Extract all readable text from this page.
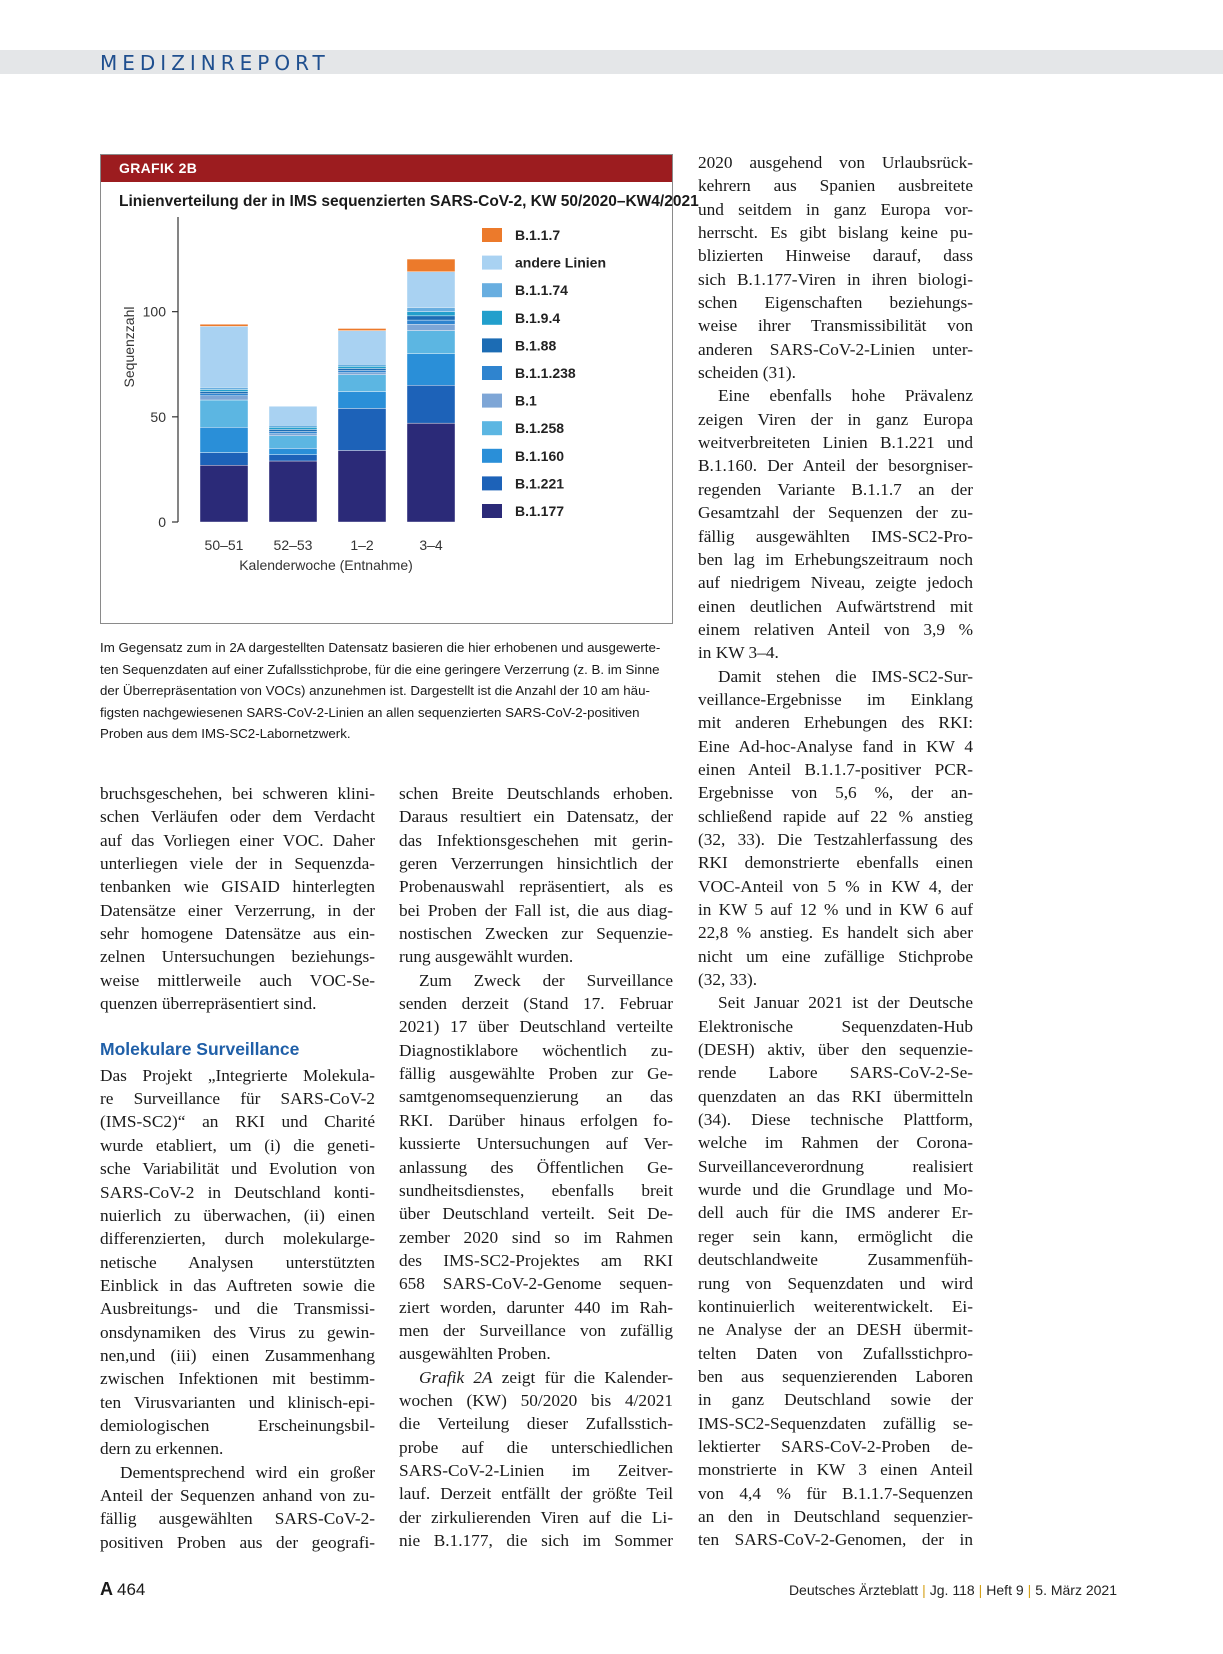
MEDIZINREPORT
GRAFIK 2B
Linienverteilung der in IMS sequenzierten SARS-CoV-2, KW 50/2020–KW4/2021
0
50
100
Sequenzzahl
50–51 52–53	1–2	3–4
Kalenderwoche (Entnahme)
B.1.1.7
andere Linien
B.1.1.74
B.1.9.4
B.1.88
B.1.1.238
B.1
B.1.258
B.1.160
B.1.221
B.1.177
Im Gegensatz zum in 2A dargestellten Datensatz basieren die hier erhobenen und ausgewerte-
ten Sequenzdaten auf einer Zufallsstichprobe, für die eine geringere Verzerrung (z. B. im Sinne
der Überrepräsentation von VOCs) anzunehmen ist. Dargestellt ist die Anzahl der 10 am häu-
figsten nachgewiesenen SARS-CoV-2-Linien an allen sequenzierten SARS-CoV-2-positiven
Proben aus dem IMS-SC2-Labornetzwerk.
bruchsgeschehen, bei schweren klini-
schen Verläufen oder dem Verdacht
auf das Vorliegen einer VOC. Daher
unterliegen viele der in Sequenzda-
tenbanken wie GISAID hinterlegten
Datensätze einer Verzerrung, in der
sehr homogene Datensätze aus ein-
zelnen Untersuchungen beziehungs-
weise mittlerweile auch VOC-Se-
quenzen überrepräsentiert sind.
Molekulare Surveillance
Das Projekt „Integrierte Molekula-
re Surveillance für SARS-CoV-2
(IMS-SC2)“ an RKI und Charité
wurde etabliert, um (i) die geneti-
sche Variabilität und Evolution von
SARS-CoV-2 in Deutschland konti-
nuierlich zu überwachen, (ii) einen
differenzierten, durch molekularge-
netische Analysen unterstützten
Einblick in das Auftreten sowie die
Ausbreitungs- und die Transmissi-
onsdynamiken des Virus zu gewin-
nen,und (iii) einen Zusammenhang
zwischen Infektionen mit bestimm-
ten Virusvarianten und klinisch-epi-
demiologischen Erscheinungsbil-
dern zu erkennen.
Dementsprechend wird ein großer
Anteil der Sequenzen anhand von zu-
fällig ausgewählten SARS-CoV-2-
positiven Proben aus der geografi-
schen Breite Deutschlands erhoben.
Daraus resultiert ein Datensatz, der
das Infektionsgeschehen mit gerin-
geren Verzerrungen hinsichtlich der
Probenauswahl repräsentiert, als es
bei Proben der Fall ist, die aus diag-
nostischen Zwecken zur Sequenzie-
rung ausgewählt wurden.
Zum Zweck der Surveillance
senden derzeit (Stand 17. Februar
2021) 17 über Deutschland verteilte
Diagnostiklabore wöchentlich zu-
fällig ausgewählte Proben zur Ge-
samtgenomsequenzierung an das
RKI. Darüber hinaus erfolgen fo-
kussierte Untersuchungen auf Ver-
anlassung des Öffentlichen Ge-
sundheitsdienstes, ebenfalls breit
über Deutschland verteilt. Seit De-
zember 2020 sind so im Rahmen
des IMS-SC2-Projektes am RKI
658 SARS-CoV-2-Genome sequen-
ziert worden, darunter 440 im Rah-
men der Surveillance von zufällig
ausgewählten Proben.
Grafik 2A zeigt für die Kalender-
wochen (KW) 50/2020 bis 4/2021
die Verteilung dieser Zufallsstich-
probe auf die unterschiedlichen
SARS-CoV-2-Linien im Zeitver-
lauf. Derzeit entfällt der größte Teil
der zirkulierenden Viren auf die Li-
nie B.1.177, die sich im Sommer
2020 ausgehend von Urlaubsrück-
kehrern aus Spanien ausbreitete
und seitdem in ganz Europa vor-
herrscht. Es gibt bislang keine pu-
blizierten Hinweise darauf, dass
sich B.1.177-Viren in ihren biologi-
schen Eigenschaften beziehungs-
weise ihrer Transmissibilität von
anderen SARS-CoV-2-Linien unter-
scheiden (31).
Eine ebenfalls hohe Prävalenz
zeigen Viren der in ganz Europa
weitverbreiteten Linien B.1.221 und
B.1.160. Der Anteil der besorgniser-
regenden Variante B.1.1.7 an der
Gesamtzahl der Sequenzen der zu-
fällig ausgewählten IMS-SC2-Pro-
ben lag im Erhebungszeitraum noch
auf niedrigem Niveau, zeigte jedoch
einen deutlichen Aufwärtstrend mit
einem relativen Anteil von 3,9 %
in KW 3–4.
Damit stehen die IMS-SC2-Sur-
veillance-Ergebnisse im Einklang
mit anderen Erhebungen des RKI:
Eine Ad-hoc-Analyse fand in KW 4
einen Anteil B.1.1.7-positiver PCR-
Ergebnisse von 5,6 %, der an-
schließend rapide auf 22 % anstieg
(32, 33). Die Testzahlerfassung des
RKI demonstrierte ebenfalls einen
VOC-Anteil von 5 % in KW 4, der
in KW 5 auf 12 % und in KW 6 auf
22,8 % anstieg. Es handelt sich aber
nicht um eine zufällige Stichprobe
(32, 33).
Seit Januar 2021 ist der Deutsche
Elektronische Sequenzdaten-Hub
(DESH) aktiv, über den sequenzie-
rende Labore SARS-CoV-2-Se-
quenzdaten an das RKI übermitteln
(34). Diese technische Plattform,
welche im Rahmen der Corona-
Surveillanceverordnung realisiert
wurde und die Grundlage und Mo-
dell auch für die IMS anderer Er-
reger sein kann, ermöglicht die
deutschlandweite Zusammenfüh-
rung von Sequenzdaten und wird
kontinuierlich weiterentwickelt. Ei-
ne Analyse der an DESH übermit-
telten Daten von Zufallsstichpro-
ben aus sequenzierenden Laboren
in ganz Deutschland sowie der
IMS-SC2-Sequenzdaten zufällig se-
lektierter SARS-CoV-2-Proben de-
monstrierte in KW 3 einen Anteil
von 4,4 % für B.1.1.7-Sequenzen
an den in Deutschland sequenzier-
ten SARS-CoV-2-Genomen, der in
A 464	Deutsches Ärzteblatt | Jg. 118 | Heft 9 | 5. März 2021
